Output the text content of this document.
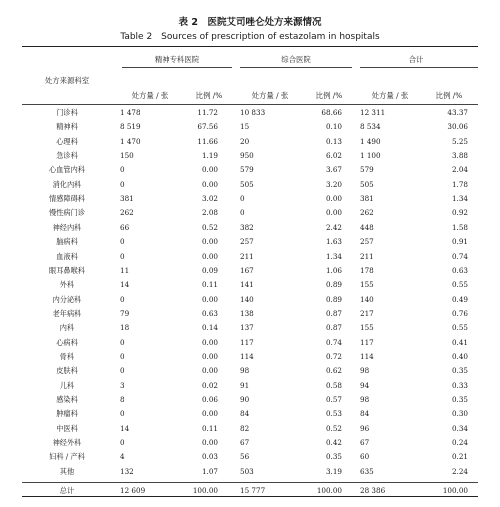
表 2　医院艾司唑仑处方来源情况
Table 2　Sources of prescription of estazolam in hospitals
处方来源科室
精神专科医院	综合医院	合计
处方量 / 张	比例 /%	处方量 / 张	比例 /%	处方量 / 张	比例 /%
门诊科	1 478	11.72	10 833	68.66	12 311	43.37
精神科	8 519	67.56	15	0.10	8 534	30.06
心理科	1 470	11.66	20	0.13	1 490	5.25
急诊科	150	1.19	950	6.02	1 100	3.88
心血管内科	0	0.00	579	3.67	579	2.04
消化内科	0	0.00	505	3.20	505	1.78
情感障碍科	381	3.02	0	0.00	381	1.34
慢性病门诊	262	2.08	0	0.00	262	0.92
神经内科	66	0.52	382	2.42	448	1.58
脑病科	0	0.00	257	1.63	257	0.91
血液科	0	0.00	211	1.34	211	0.74
眼耳鼻喉科	11	0.09	167	1.06	178	0.63
外科	14	0.11	141	0.89	155	0.55
内分泌科	0	0.00	140	0.89	140	0.49
老年病科	79	0.63	138	0.87	217	0.76
内科	18	0.14	137	0.87	155	0.55
心病科	0	0.00	117	0.74	117	0.41
骨科	0	0.00	114	0.72	114	0.40
皮肤科	0	0.00	98	0.62	98	0.35
儿科	3	0.02	91	0.58	94	0.33
感染科	8	0.06	90	0.57	98	0.35
肿瘤科	0	0.00	84	0.53	84	0.30
中医科	14	0.11	82	0.52	96	0.34
神经外科	0	0.00	67	0.42	67	0.24
妇科 / 产科	4	0.03	56	0.35	60	0.21
其他	132	1.07	503	3.19	635	2.24
总计	12 609	100.00	15 777	100.00	28 386	100.00
